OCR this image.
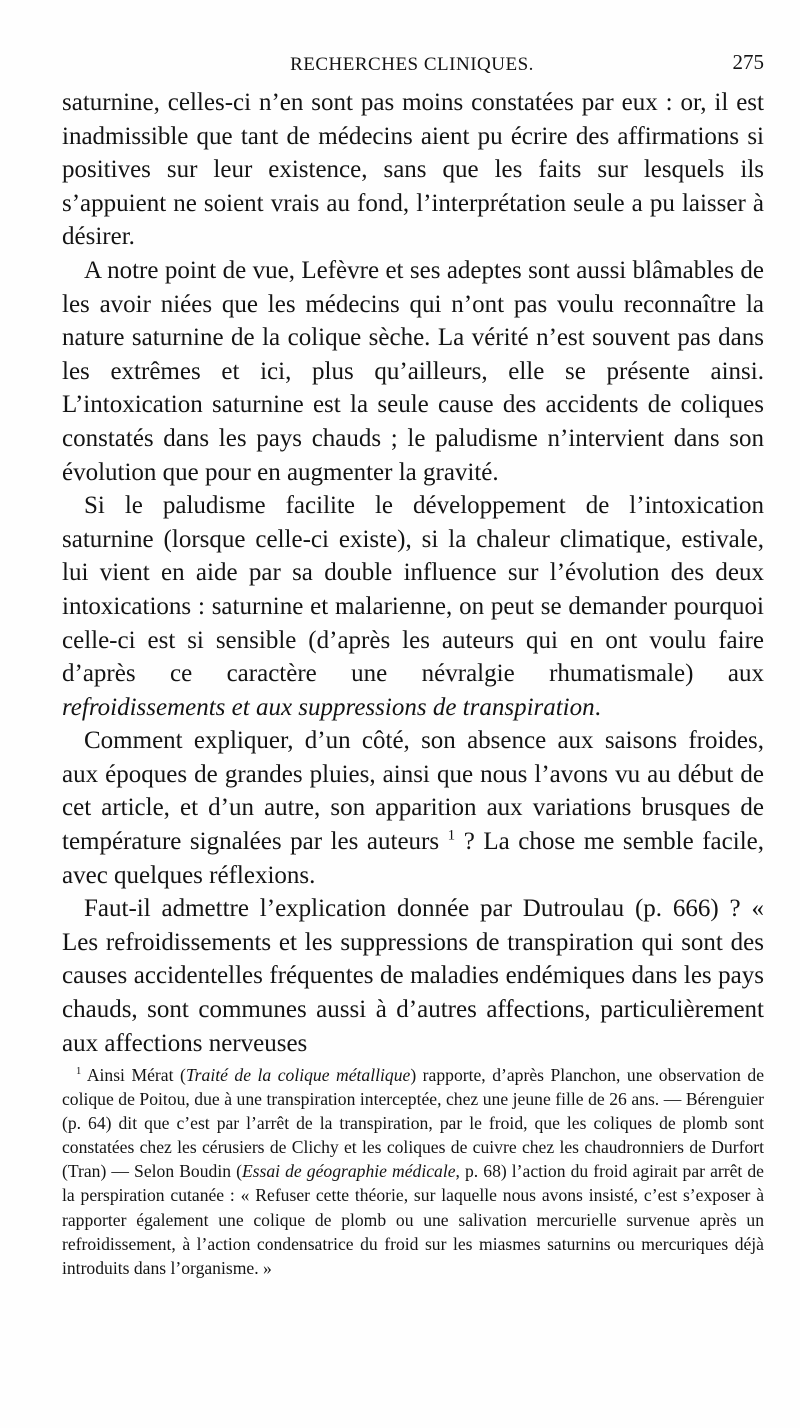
RECHERCHES CLINIQUES.	275

saturnine, celles-ci n’en sont pas moins constatées par eux : or, il est inadmissible que tant de médecins aient pu écrire des affirmations si positives sur leur existence, sans que les faits sur lesquels ils s’appuient ne soient vrais au fond, l’interprétation seule a pu laisser à désirer.

A notre point de vue, Lefèvre et ses adeptes sont aussi blâmables de les avoir niées que les médecins qui n’ont pas voulu reconnaître la nature saturnine de la colique sèche. La vérité n’est souvent pas dans les extrêmes et ici, plus qu’ailleurs, elle se présente ainsi. L’intoxication saturnine est la seule cause des accidents de coliques constatés dans les pays chauds ; le paludisme n’intervient dans son évolution que pour en augmenter la gravité.

Si le paludisme facilite le développement de l’intoxication saturnine (lorsque celle-ci existe), si la chaleur climatique, estivale, lui vient en aide par sa double influence sur l’évolution des deux intoxications : saturnine et malarienne, on peut se demander pourquoi celle-ci est si sensible (d’après les auteurs qui en ont voulu faire d’après ce caractère une névralgie rhumatismale) aux refroidissements et aux suppressions de transpiration.

Comment expliquer, d’un côté, son absence aux saisons froides, aux époques de grandes pluies, ainsi que nous l’avons vu au début de cet article, et d’un autre, son apparition aux variations brusques de température signalées par les auteurs $^1$ ? La chose me semble facile, avec quelques réflexions.

Faut-il admettre l’explication donnée par Dutroulau (p. 666) ? « Les refroidissements et les suppressions de transpiration qui sont des causes accidentelles fréquentes de maladies endémiques dans les pays chauds, sont communes aussi à d’autres affections, particulièrement aux affections nerveuses

$^1$ Ainsi Mérat (Traité de la colique métallique) rapporte, d’après Planchon, une observation de colique de Poitou, due à une transpiration interceptée, chez une jeune fille de 26 ans. — Bérenguier (p. 64) dit que c’est par l’arrêt de la transpiration, par le froid, que les coliques de plomb sont constatées chez les cérusiers de Clichy et les coliques de cuivre chez les chaudronniers de Durfort (Tran) — Selon Boudin (Essai de géographie médicale, p. 68) l’action du froid agirait par arrêt de la perspiration cutanée : « Refuser cette théorie, sur laquelle nous avons insisté, c’est s’exposer à rapporter également une colique de plomb ou une salivation mercurielle survenue après un refroidissement, à l’action condensatrice du froid sur les miasmes saturnins ou mercuriques déjà introduits dans l’organisme. »
